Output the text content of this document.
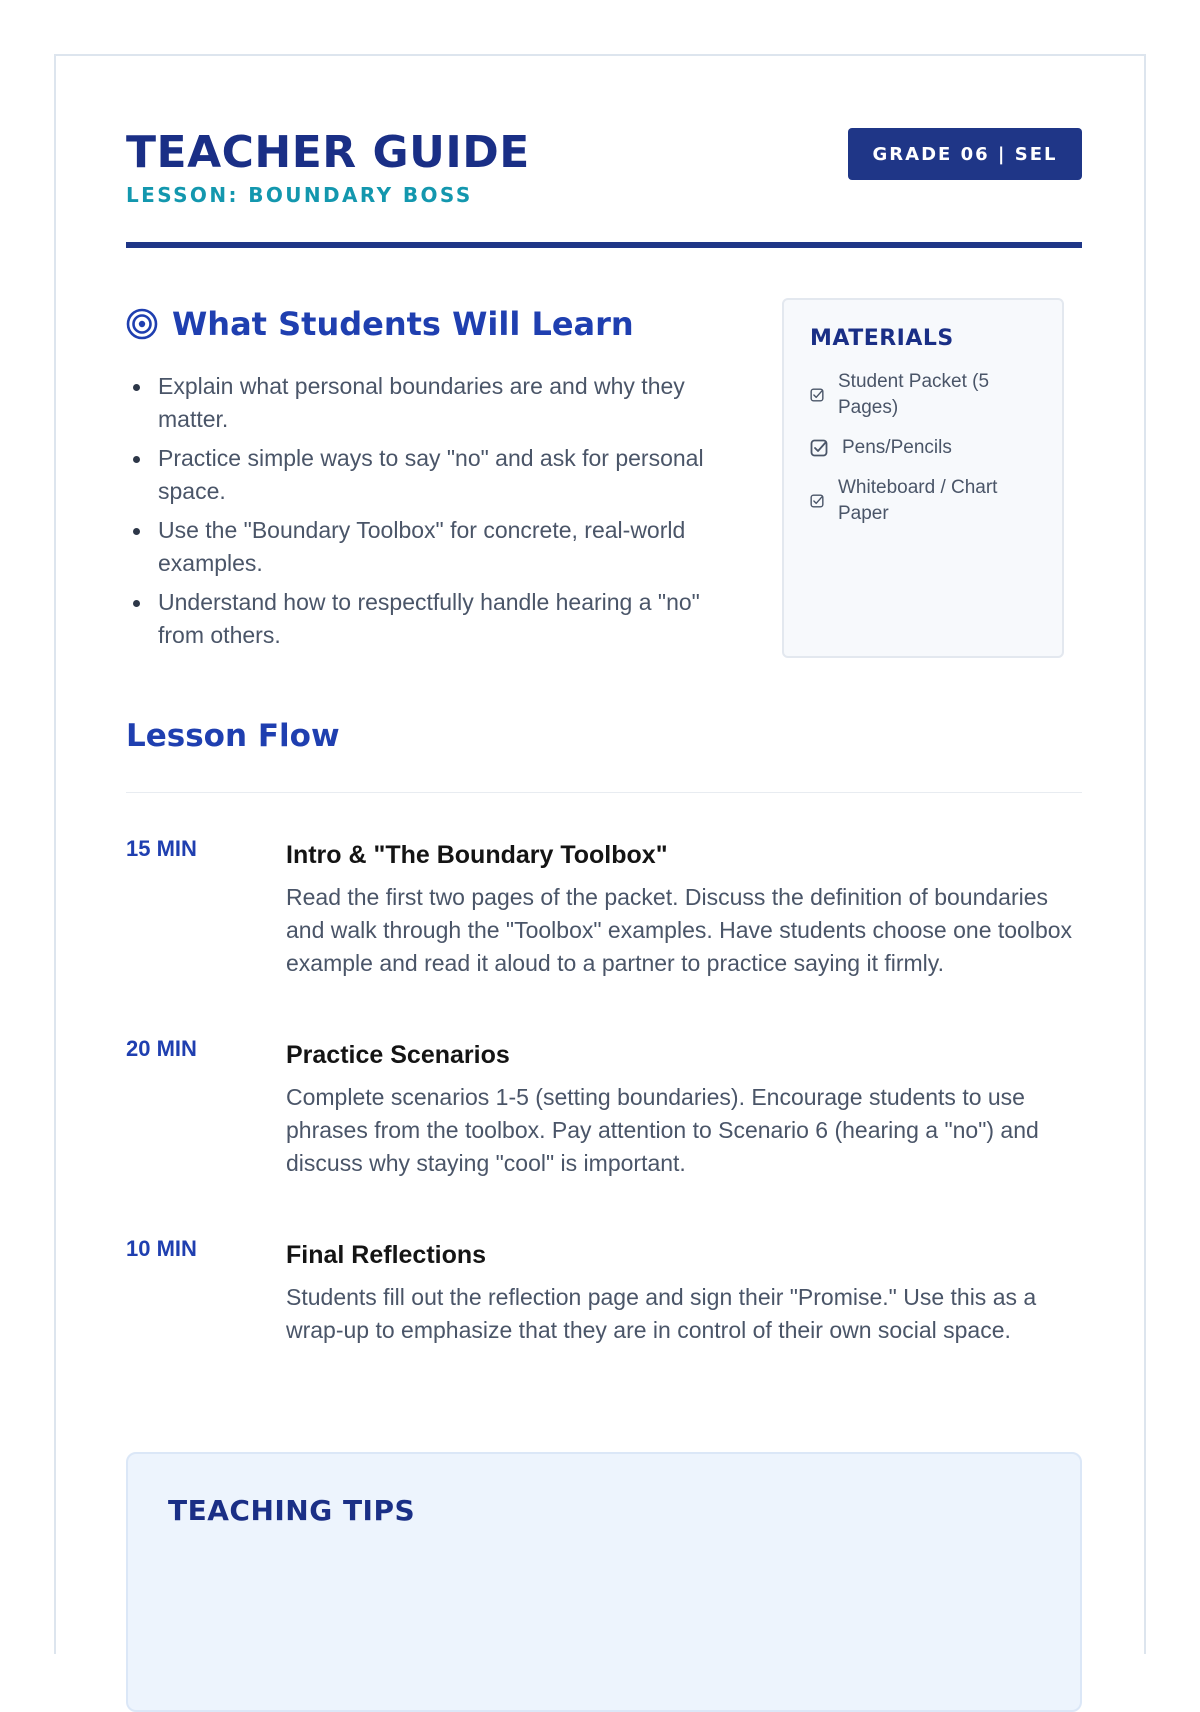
TEACHER GUIDE
LESSON: BOUNDARY BOSS
GRADE 06 | SEL
What Students Will Learn
Explain what personal boundaries are and why they matter.
Practice simple ways to say "no" and ask for personal space.
Use the "Boundary Toolbox" for concrete, real-world examples.
Understand how to respectfully handle hearing a "no" from others.
MATERIALS
Student Packet (5 Pages)
Pens/Pencils
Whiteboard / Chart Paper
Lesson Flow
15 MIN	Intro & "The Boundary Toolbox"

Read the first two pages of the packet. Discuss the definition of boundaries and walk through the "Toolbox" examples. Have students choose one toolbox example and read it aloud to a partner to practice saying it firmly.

20 MIN	Practice Scenarios

Complete scenarios 1-5 (setting boundaries). Encourage students to use phrases from the toolbox. Pay attention to Scenario 6 (hearing a "no") and discuss why staying "cool" is important.

10 MIN	Final Reflections

Students fill out the reflection page and sign their "Promise." Use this as a wrap-up to emphasize that they are in control of their own social space.

TEACHING TIPS
